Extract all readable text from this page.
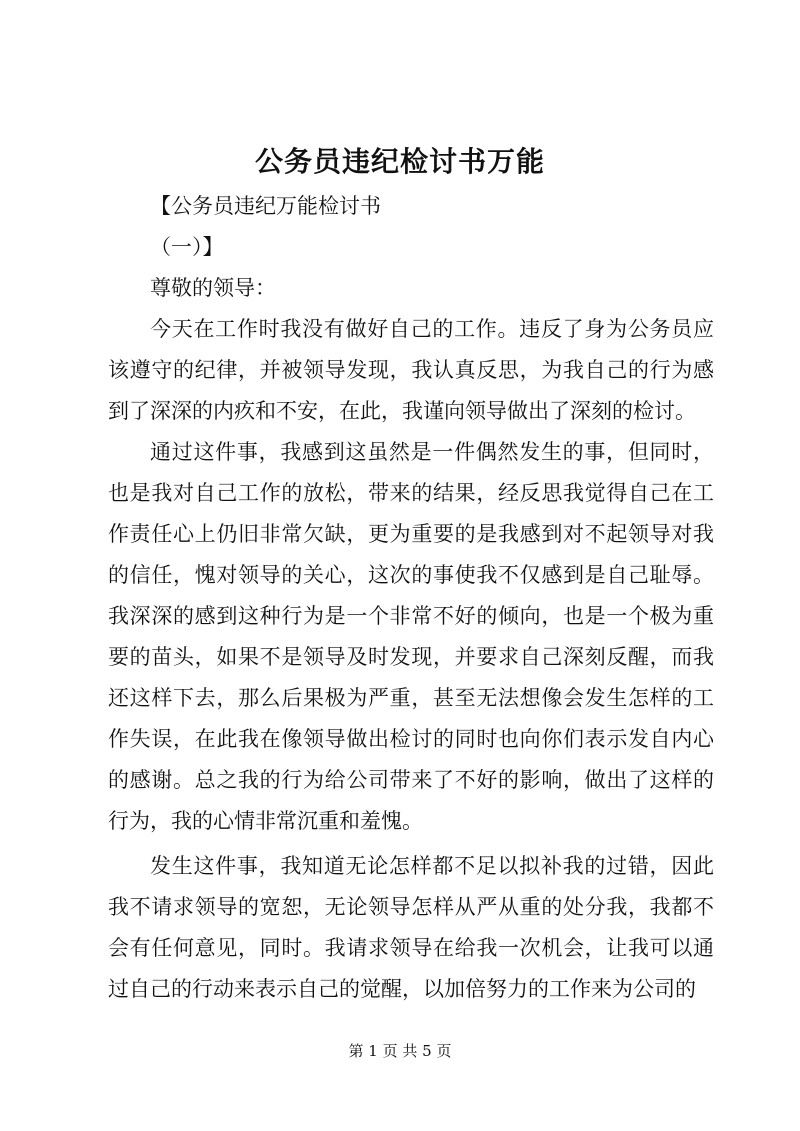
公务员违纪检讨书万能

【公务员违纪万能检讨书

（一）】

尊敬的领导：

今天在工作时我没有做好自己的工作。违反了身为公务员应该遵守的纪律，并被领导发现，我认真反思，为我自己的行为感到了深深的内疚和不安，在此，我谨向领导做出了深刻的检讨。

通过这件事，我感到这虽然是一件偶然发生的事，但同时，也是我对自己工作的放松，带来的结果，经反思我觉得自己在工作责任心上仍旧非常欠缺，更为重要的是我感到对不起领导对我的信任，愧对领导的关心，这次的事使我不仅感到是自己耻辱。我深深的感到这种行为是一个非常不好的倾向，也是一个极为重要的苗头，如果不是领导及时发现，并要求自己深刻反醒，而我还这样下去，那么后果极为严重，甚至无法想像会发生怎样的工作失误，在此我在像领导做出检讨的同时也向你们表示发自内心的感谢。总之我的行为给公司带来了不好的影响，做出了这样的行为，我的心情非常沉重和羞愧。

发生这件事，我知道无论怎样都不足以拟补我的过错，因此我不请求领导的宽恕，无论领导怎样从严从重的处分我，我都不会有任何意见，同时。我请求领导在给我一次机会，让我可以通过自己的行动来表示自己的觉醒，以加倍努力的工作来为公司的

第 1 页 共 5 页
